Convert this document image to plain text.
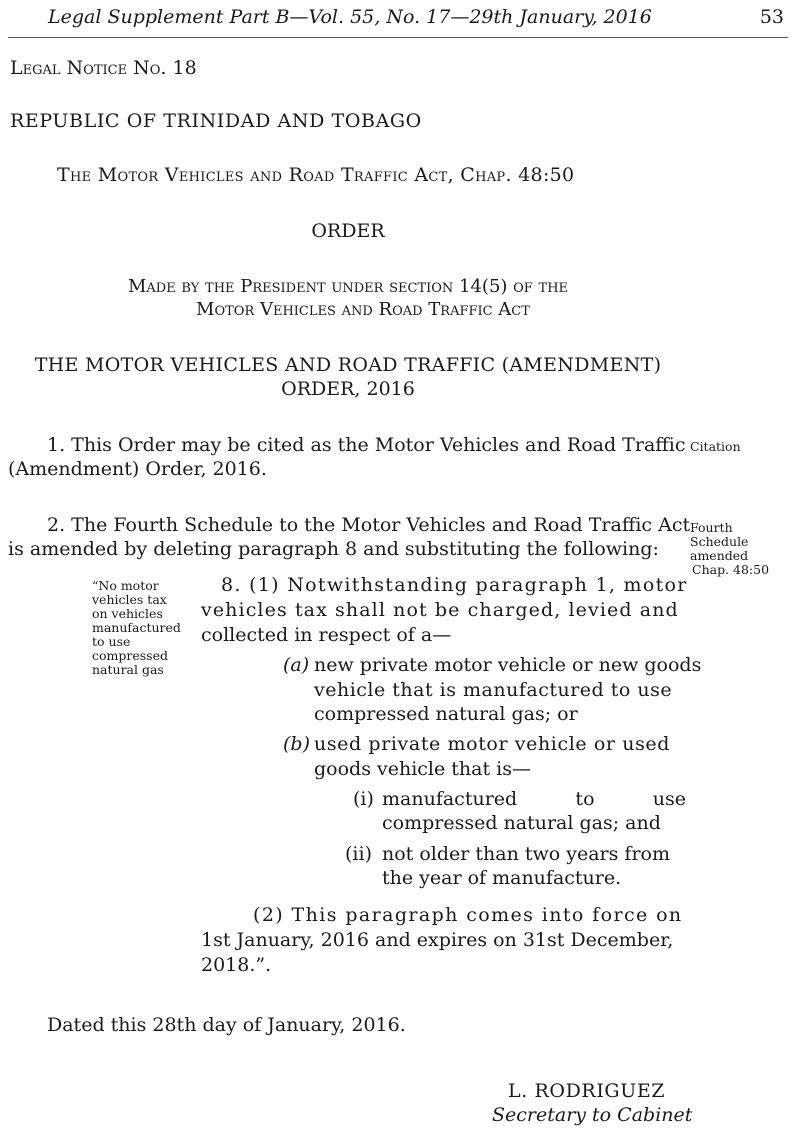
Legal Supplement Part B—Vol. 55, No. 17—29th January, 2016	53
Legal Notice No. 18
REPUBLIC OF TRINIDAD AND TOBAGO
The Motor Vehicles and Road Traffic Act, Chap. 48:50
ORDER
Made by the President under section 14(5) of the
Motor Vehicles and Road Traffic Act
THE MOTOR VEHICLES AND ROAD TRAFFIC (AMENDMENT)
ORDER, 2016
1. This Order may be cited as the Motor Vehicles and Road Traffic
(Amendment) Order, 2016.
Citation
2. The Fourth Schedule to the Motor Vehicles and Road Traffic Act
is amended by deleting paragraph 8 and substituting the following:
Fourth
Schedule
amended
Chap. 48:50
“No motor
vehicles tax
on vehicles
manufactured
to use
compressed
natural gas
8. (1) Notwithstanding paragraph 1, motor
vehicles tax shall not be charged, levied and
collected in respect of a—
(a) new private motor vehicle or new goods
vehicle that is manufactured to use
compressed natural gas; or
(b) used private motor vehicle or used
goods vehicle that is—
(i) manufactured to use
compressed natural gas; and
(ii) not older than two years from
the year of manufacture.
(2) This paragraph comes into force on
1st January, 2016 and expires on 31st December,
2018.”.
Dated this 28th day of January, 2016.
L. RODRIGUEZ
Secretary to Cabinet
